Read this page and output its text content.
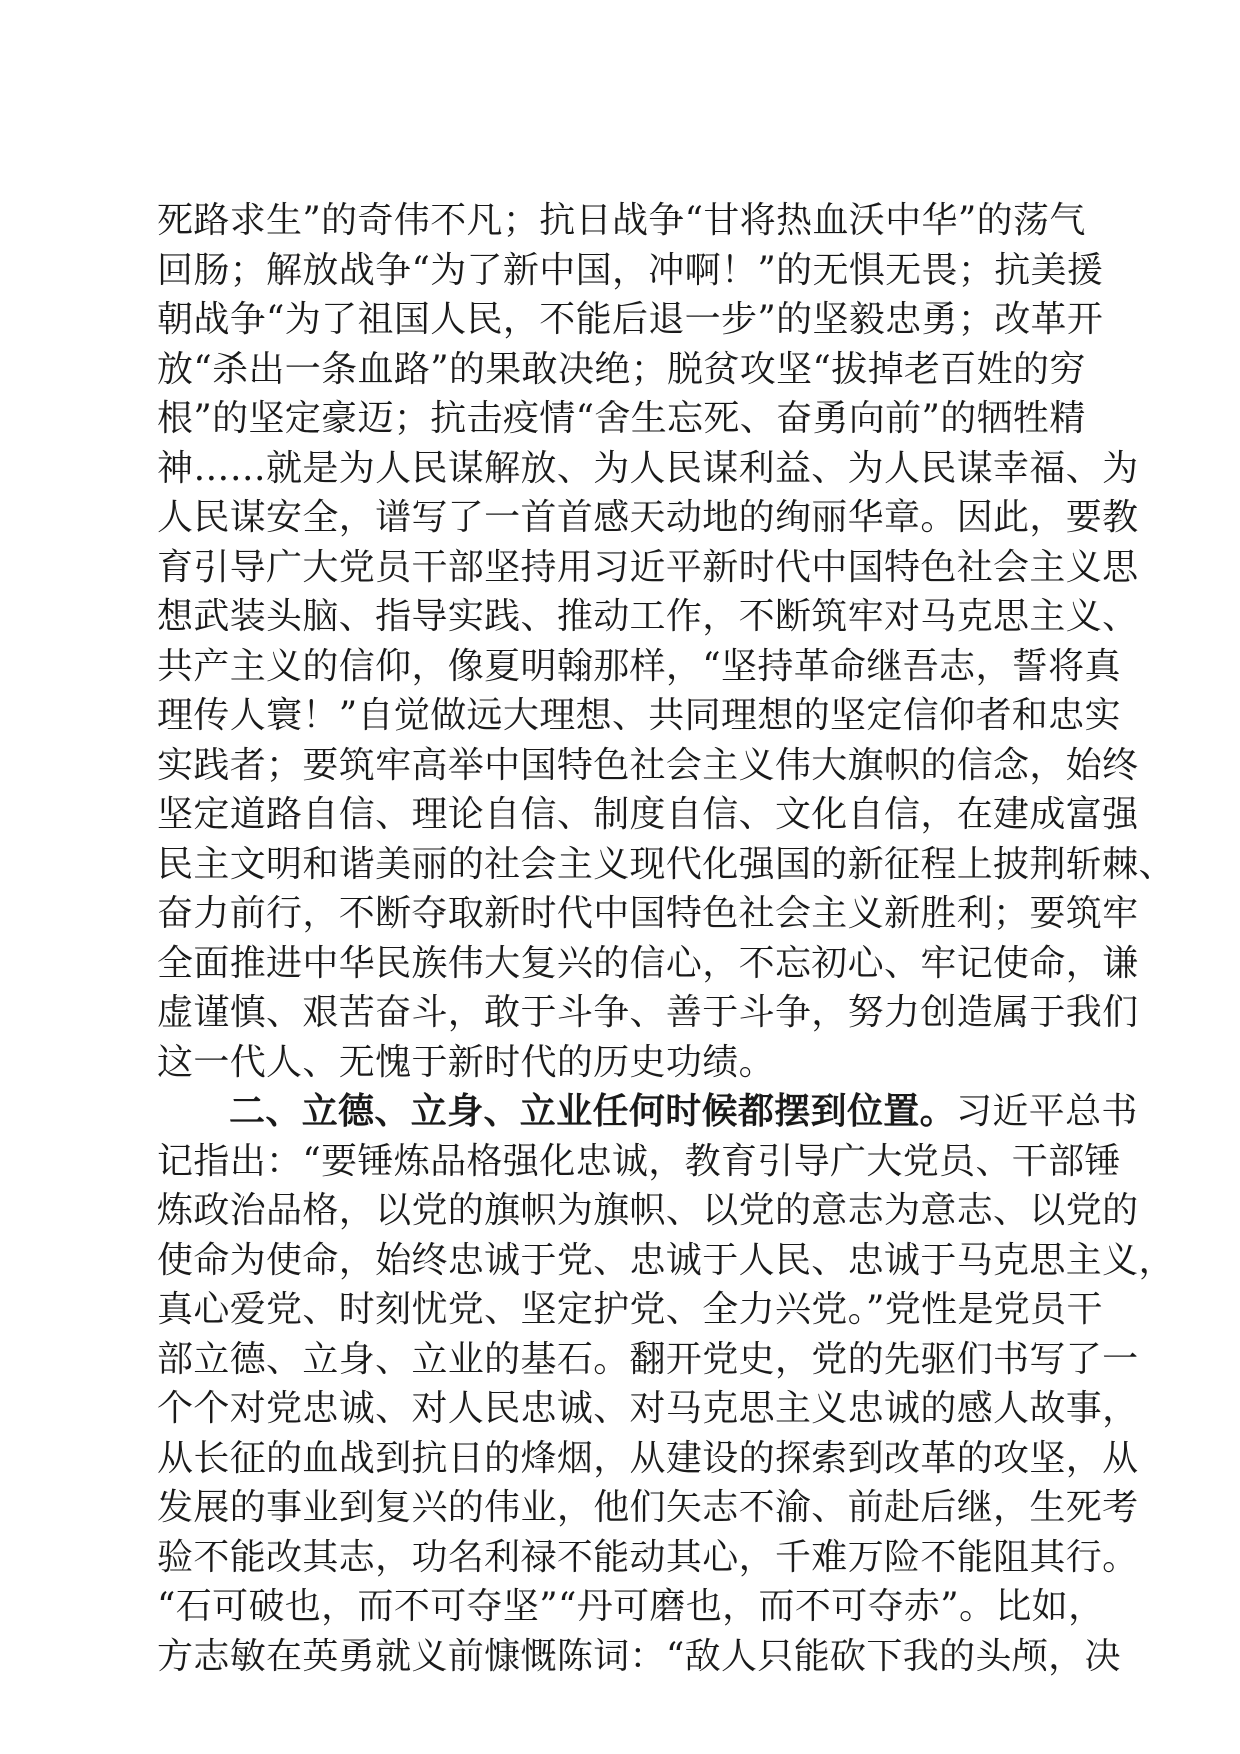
死路求生”的奇伟不凡；抗日战争“甘将热血沃中华”的荡气
回肠；解放战争“为了新中国，冲啊！”的无惧无畏；抗美援
朝战争“为了祖国人民，不能后退一步”的坚毅忠勇；改革开
放“杀出一条血路”的果敢决绝；脱贫攻坚“拔掉老百姓的穷
根”的坚定豪迈；抗击疫情“舍生忘死、奋勇向前”的牺牲精
神……就是为人民谋解放、为人民谋利益、为人民谋幸福、为
人民谋安全，谱写了一首首感天动地的绚丽华章。因此，要教
育引导广大党员干部坚持用习近平新时代中国特色社会主义思
想武装头脑、指导实践、推动工作，不断筑牢对马克思主义、
共产主义的信仰，像夏明翰那样，“坚持革命继吾志，誓将真
理传人寰！”自觉做远大理想、共同理想的坚定信仰者和忠实
实践者；要筑牢高举中国特色社会主义伟大旗帜的信念，始终
坚定道路自信、理论自信、制度自信、文化自信，在建成富强
民主文明和谐美丽的社会主义现代化强国的新征程上披荆斩棘、
奋力前行，不断夺取新时代中国特色社会主义新胜利；要筑牢
全面推进中华民族伟大复兴的信心，不忘初心、牢记使命，谦
虚谨慎、艰苦奋斗，敢于斗争、善于斗争，努力创造属于我们
这一代人、无愧于新时代的历史功绩。
二、立德、立身、立业任何时候都摆到位置。习近平总书
记指出：“要锤炼品格强化忠诚，教育引导广大党员、干部锤
炼政治品格，以党的旗帜为旗帜、以党的意志为意志、以党的
使命为使命，始终忠诚于党、忠诚于人民、忠诚于马克思主义，
真心爱党、时刻忧党、坚定护党、全力兴党。”党性是党员干
部立德、立身、立业的基石。翻开党史，党的先驱们书写了一
个个对党忠诚、对人民忠诚、对马克思主义忠诚的感人故事，
从长征的血战到抗日的烽烟，从建设的探索到改革的攻坚，从
发展的事业到复兴的伟业，他们矢志不渝、前赴后继，生死考
验不能改其志，功名利禄不能动其心，千难万险不能阻其行。
“石可破也，而不可夺坚”“丹可磨也，而不可夺赤”。比如，
方志敏在英勇就义前慷慨陈词：“敌人只能砍下我的头颅，决
